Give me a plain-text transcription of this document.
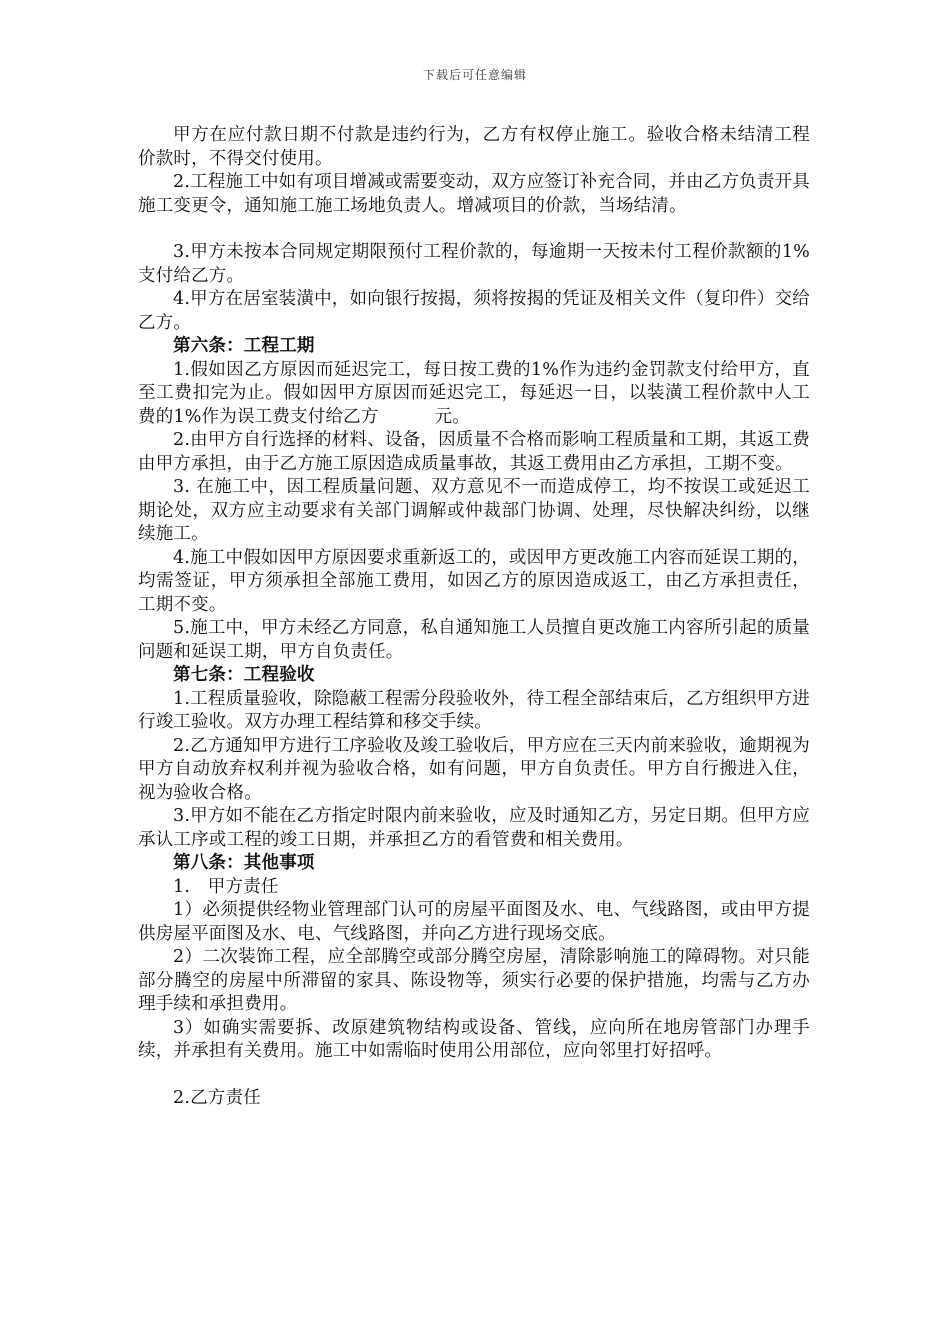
下载后可任意编辑

甲方在应付款日期不付款是违约行为，乙方有权停止施工。验收合格未结清工程价款时，不得交付使用。

2.工程施工中如有项目增减或需要变动，双方应签订补充合同，并由乙方负责开具施工变更令，通知施工施工场地负责人。增减项目的价款，当场结清。

3.甲方未按本合同规定期限预付工程价款的，每逾期一天按未付工程价款额的1%支付给乙方。

4.甲方在居室装潢中，如向银行按揭，须将按揭的凭证及相关文件（复印件）交给乙方。

第六条：工程工期

1.假如因乙方原因而延迟完工，每日按工费的1%作为违约金罚款支付给甲方，直至工费扣完为止。假如因甲方原因而延迟完工，每延迟一日，以装潢工程价款中人工费的1%作为误工费支付给乙方	元。

2.由甲方自行选择的材料、设备，因质量不合格而影响工程质量和工期，其返工费由甲方承担，由于乙方施工原因造成质量事故，其返工费用由乙方承担，工期不变。

3. 在施工中，因工程质量问题、双方意见不一而造成停工，均不按误工或延迟工期论处，双方应主动要求有关部门调解或仲裁部门协调、处理，尽快解决纠纷，以继续施工。

4.施工中假如因甲方原因要求重新返工的，或因甲方更改施工内容而延误工期的，均需签证，甲方须承担全部施工费用，如因乙方的原因造成返工，由乙方承担责任，工期不变。

5.施工中，甲方未经乙方同意，私自通知施工人员擅自更改施工内容所引起的质量问题和延误工期，甲方自负责任。

第七条：工程验收

1.工程质量验收，除隐蔽工程需分段验收外，待工程全部结束后，乙方组织甲方进行竣工验收。双方办理工程结算和移交手续。

2.乙方通知甲方进行工序验收及竣工验收后，甲方应在三天内前来验收，逾期视为甲方自动放弃权利并视为验收合格，如有问题，甲方自负责任。甲方自行搬进入住，视为验收合格。

3.甲方如不能在乙方指定时限内前来验收，应及时通知乙方，另定日期。但甲方应承认工序或工程的竣工日期，并承担乙方的看管费和相关费用。

第八条：其他事项

1.　甲方责任

1）必须提供经物业管理部门认可的房屋平面图及水、电、气线路图，或由甲方提供房屋平面图及水、电、气线路图，并向乙方进行现场交底。

2）二次装饰工程，应全部腾空或部分腾空房屋，清除影响施工的障碍物。对只能部分腾空的房屋中所滞留的家具、陈设物等，须实行必要的保护措施，均需与乙方办理手续和承担费用。

3）如确实需要拆、改原建筑物结构或设备、管线，应向所在地房管部门办理手续，并承担有关费用。施工中如需临时使用公用部位，应向邻里打好招呼。

2.乙方责任
